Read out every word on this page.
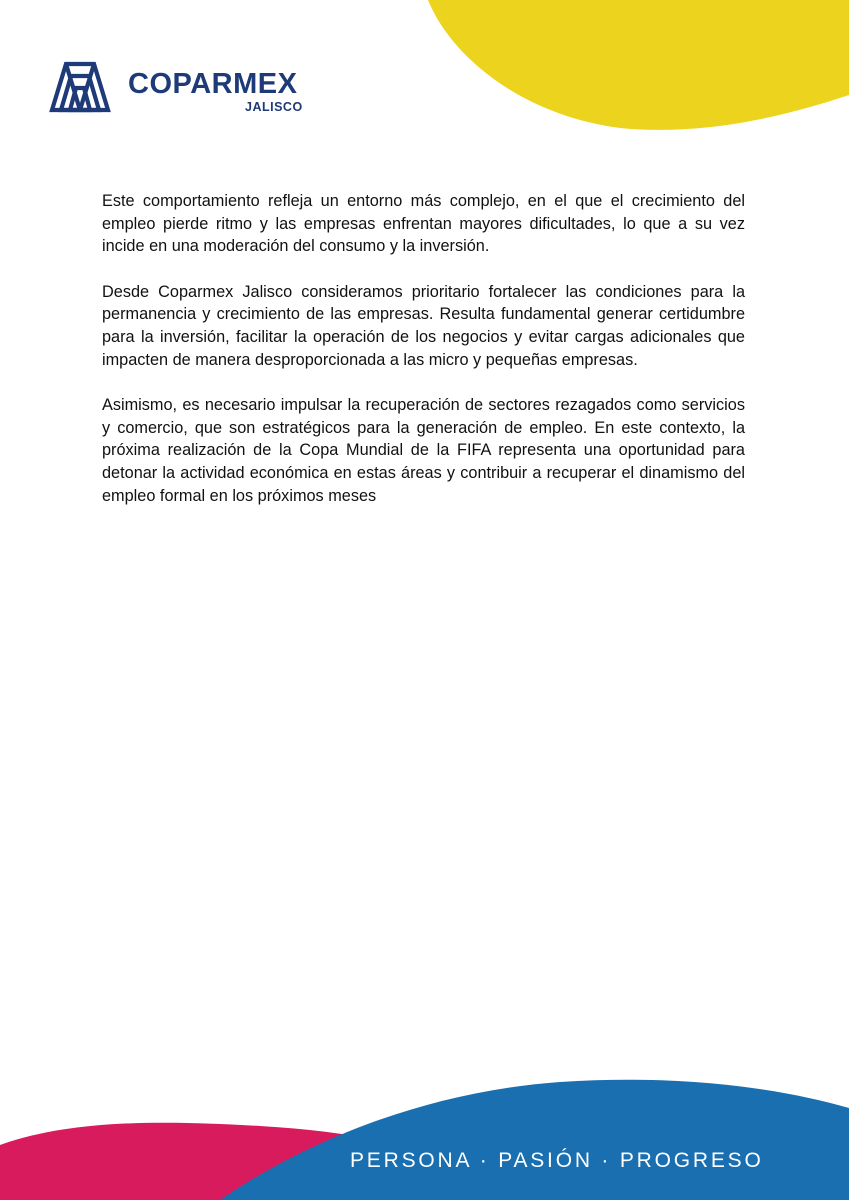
COPARMEX
JALISCO

Este comportamiento refleja un entorno más complejo, en el que el crecimiento del empleo pierde ritmo y las empresas enfrentan mayores dificultades, lo que a su vez incide en una moderación del consumo y la inversión.

Desde Coparmex Jalisco consideramos prioritario fortalecer las condiciones para la permanencia y crecimiento de las empresas. Resulta fundamental generar certidumbre para la inversión, facilitar la operación de los negocios y evitar cargas adicionales que impacten de manera desproporcionada a las micro y pequeñas empresas.

Asimismo, es necesario impulsar la recuperación de sectores rezagados como servicios y comercio, que son estratégicos para la generación de empleo. En este contexto, la próxima realización de la Copa Mundial de la FIFA representa una oportunidad para detonar la actividad económica en estas áreas y contribuir a recuperar el dinamismo del empleo formal en los próximos meses

PERSONA · PASIÓN · PROGRESO
